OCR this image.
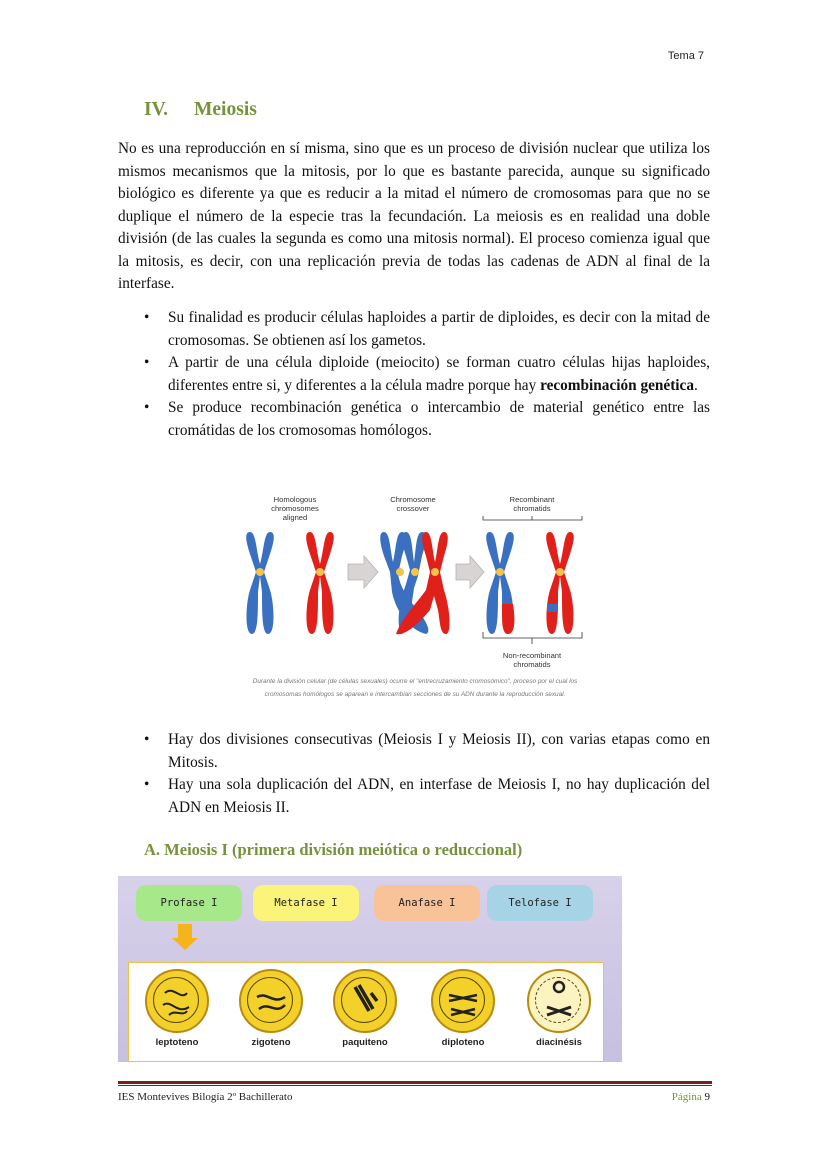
Tema 7
IV. Meiosis

No es una reproducción en sí misma, sino que es un proceso de división nuclear que utiliza los mismos mecanismos que la mitosis, por lo que es bastante parecida, aunque su significado biológico es diferente ya que es reducir a la mitad el número de cromosomas para que no se duplique el número de la especie tras la fecundación. La meiosis es en realidad una doble división (de las cuales la segunda es como una mitosis normal). El proceso comienza igual que la mitosis, es decir, con una replicación previa de todas las cadenas de ADN al final de la interfase.

• Su finalidad es producir células haploides a partir de diploides, es decir con la mitad de cromosomas. Se obtienen así los gametos.
• A partir de una célula diploide (meiocito) se forman cuatro células hijas haploides, diferentes entre si, y diferentes a la célula madre porque hay recombinación genética.
• Se produce recombinación genética o intercambio de material genético entre las cromátidas de los cromosomas homólogos.
Homologous chromosomes aligned
Chromosome crossover
Recombinant chromatids
Non-recombinant chromatids
Durante la división celular (de células sexuales) ocurre el "entrecruzamiento cromosómico", proceso por el cual los
cromosomas homólogos se aparean e intercambian secciones de su ADN durante la reproducción sexual.
• Hay dos divisiones consecutivas (Meiosis I y Meiosis II), con varias etapas como en Mitosis.
• Hay una sola duplicación del ADN, en interfase de Meiosis I, no hay duplicación del ADN en Meiosis II.
A. Meiosis I (primera división meiótica o reduccional)
Profase I	Metafase I	Anafase I	Telofase I
leptoteno	zigoteno	paquiteno	diploteno	diacinésis
IES Montevives Bilogía 2º Bachillerato	Página 9
